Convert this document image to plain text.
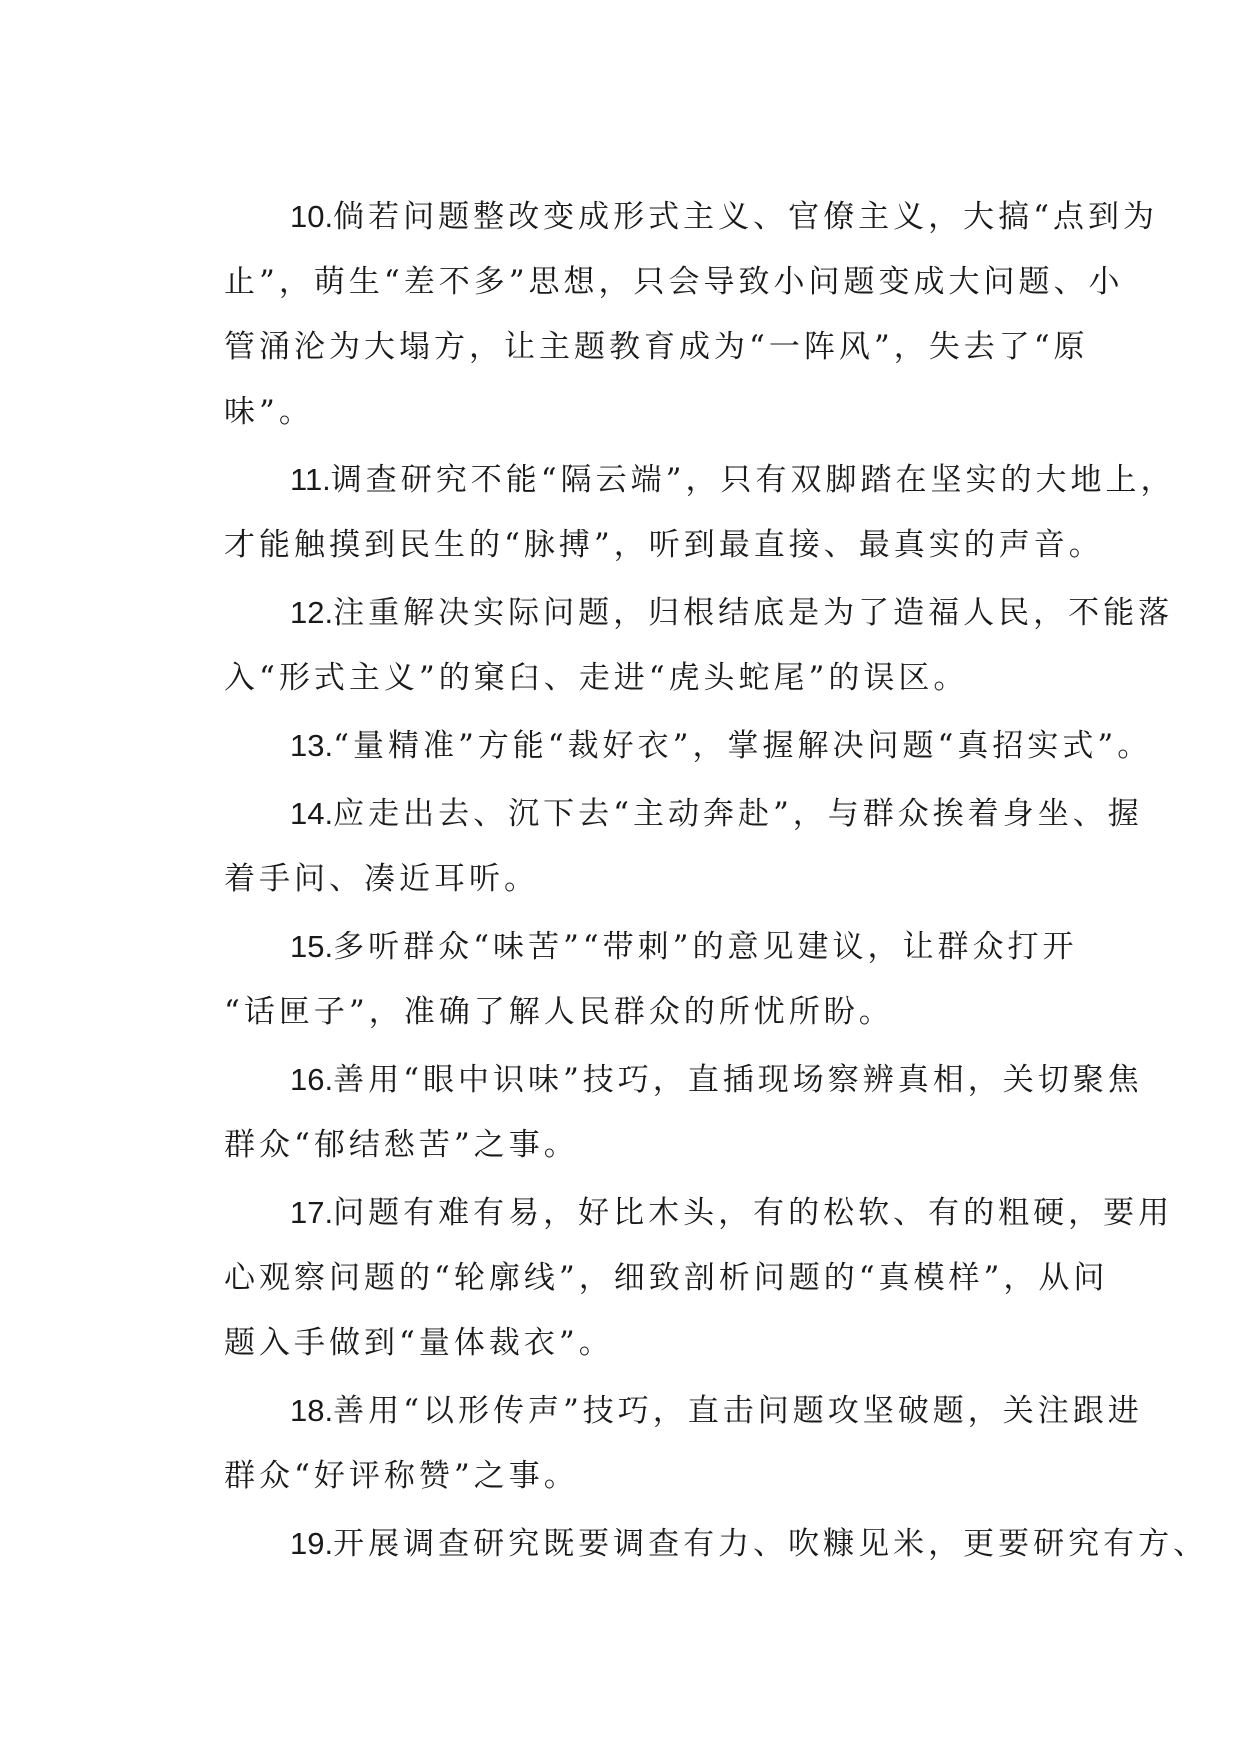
10.倘若问题整改变成形式主义、官僚主义，大搞“点到为
止”，萌生“差不多”思想，只会导致小问题变成大问题、小
管涌沦为大塌方，让主题教育成为“一阵风”，失去了“原
味”。
11.调查研究不能“隔云端”，只有双脚踏在坚实的大地上，
才能触摸到民生的“脉搏”，听到最直接、最真实的声音。
12.注重解决实际问题，归根结底是为了造福人民，不能落
入“形式主义”的窠臼、走进“虎头蛇尾”的误区。
13.“量精准”方能“裁好衣”，掌握解决问题“真招实式”。
14.应走出去、沉下去“主动奔赴”，与群众挨着身坐、握
着手问、凑近耳听。
15.多听群众“味苦”“带刺”的意见建议，让群众打开
“话匣子”，准确了解人民群众的所忧所盼。
16.善用“眼中识味”技巧，直插现场察辨真相，关切聚焦
群众“郁结愁苦”之事。
17.问题有难有易，好比木头，有的松软、有的粗硬，要用
心观察问题的“轮廓线”，细致剖析问题的“真模样”，从问
题入手做到“量体裁衣”。
18.善用“以形传声”技巧，直击问题攻坚破题，关注跟进
群众“好评称赞”之事。
19.开展调查研究既要调查有力、吹糠见米，更要研究有方、
